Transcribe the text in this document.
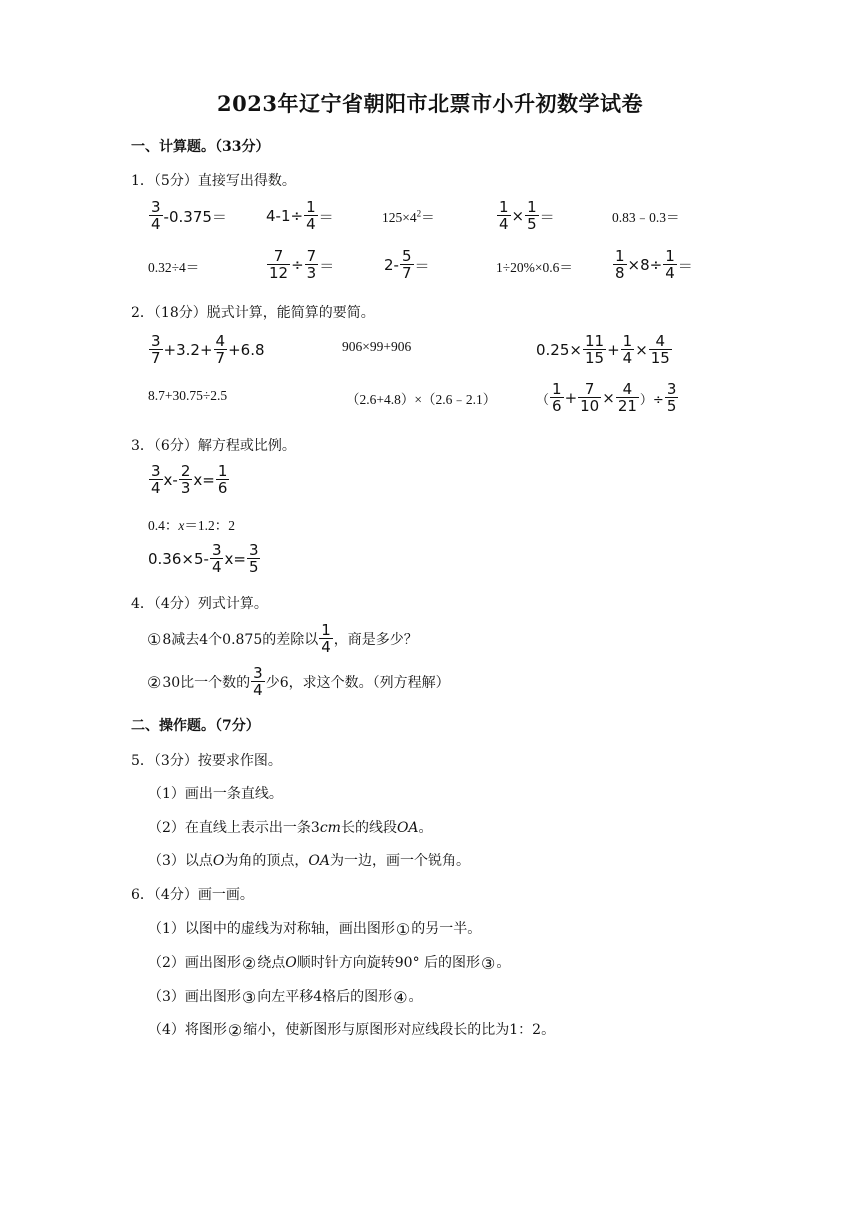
2023年辽宁省朝阳市北票市小升初数学试卷
一、计算题。（33分）
1．（5分）直接写出得数。
$\frac{3}{4} -0.375=$	$4-1\div \frac{1}{4}$ ＝	$125\times 4^2=$	$\frac{1}{4} \times \frac{1}{5}$ ＝	0.83﹣0.3＝
0.32÷4＝	$\frac{7}{12} \div \frac{7}{3}$ ＝	$2- \frac{5}{7}$ ＝	1÷20%×0.6＝	$\frac{1}{8} \times 8\div \frac{1}{4}$ ＝
2．（18分）脱式计算，能简算的要简。
$\frac{3}{7} +3.2+ \frac{4}{7} +6.8$	906×99+906	$0.25\times \frac{11}{15} + \frac{1}{4} \times \frac{4}{15}$
8.7+30.75÷2.5	（2.6+4.8）×（2.6﹣2.1）	（ $\frac{1}{6} + \frac{7}{10} \times \frac{4}{21}$ ）÷ $\frac{3}{5}$
3．（6分）解方程或比例。
$\frac{3}{4} x- \frac{2}{3} x= \frac{1}{6}$
0.4：x＝1.2：2
$0.36\times 5- \frac{3}{4} x= \frac{3}{5}$
4．（4分）列式计算。
① 8减去4个0.875的差除以 $\frac{1}{4}$ ，商是多少？
② 30比一个数的 $\frac{3}{4}$ 少6，求这个数。（列方程解）
二、操作题。（7分）
5．（3分）按要求作图。
（1）画出一条直线。
（2）在直线上表示出一条3cm长的线段OA。
（3）以点O为角的顶点，OA为一边，画一个锐角。
6．（4分）画一画。
（1）以图中的虚线为对称轴，画出图形①的另一半。
（2）画出图形②绕点O顺时针方向旋转90° 后的图形③。
（3）画出图形③向左平移4格后的图形④。
（4）将图形②缩小，使新图形与原图形对应线段长的比为1：2。
